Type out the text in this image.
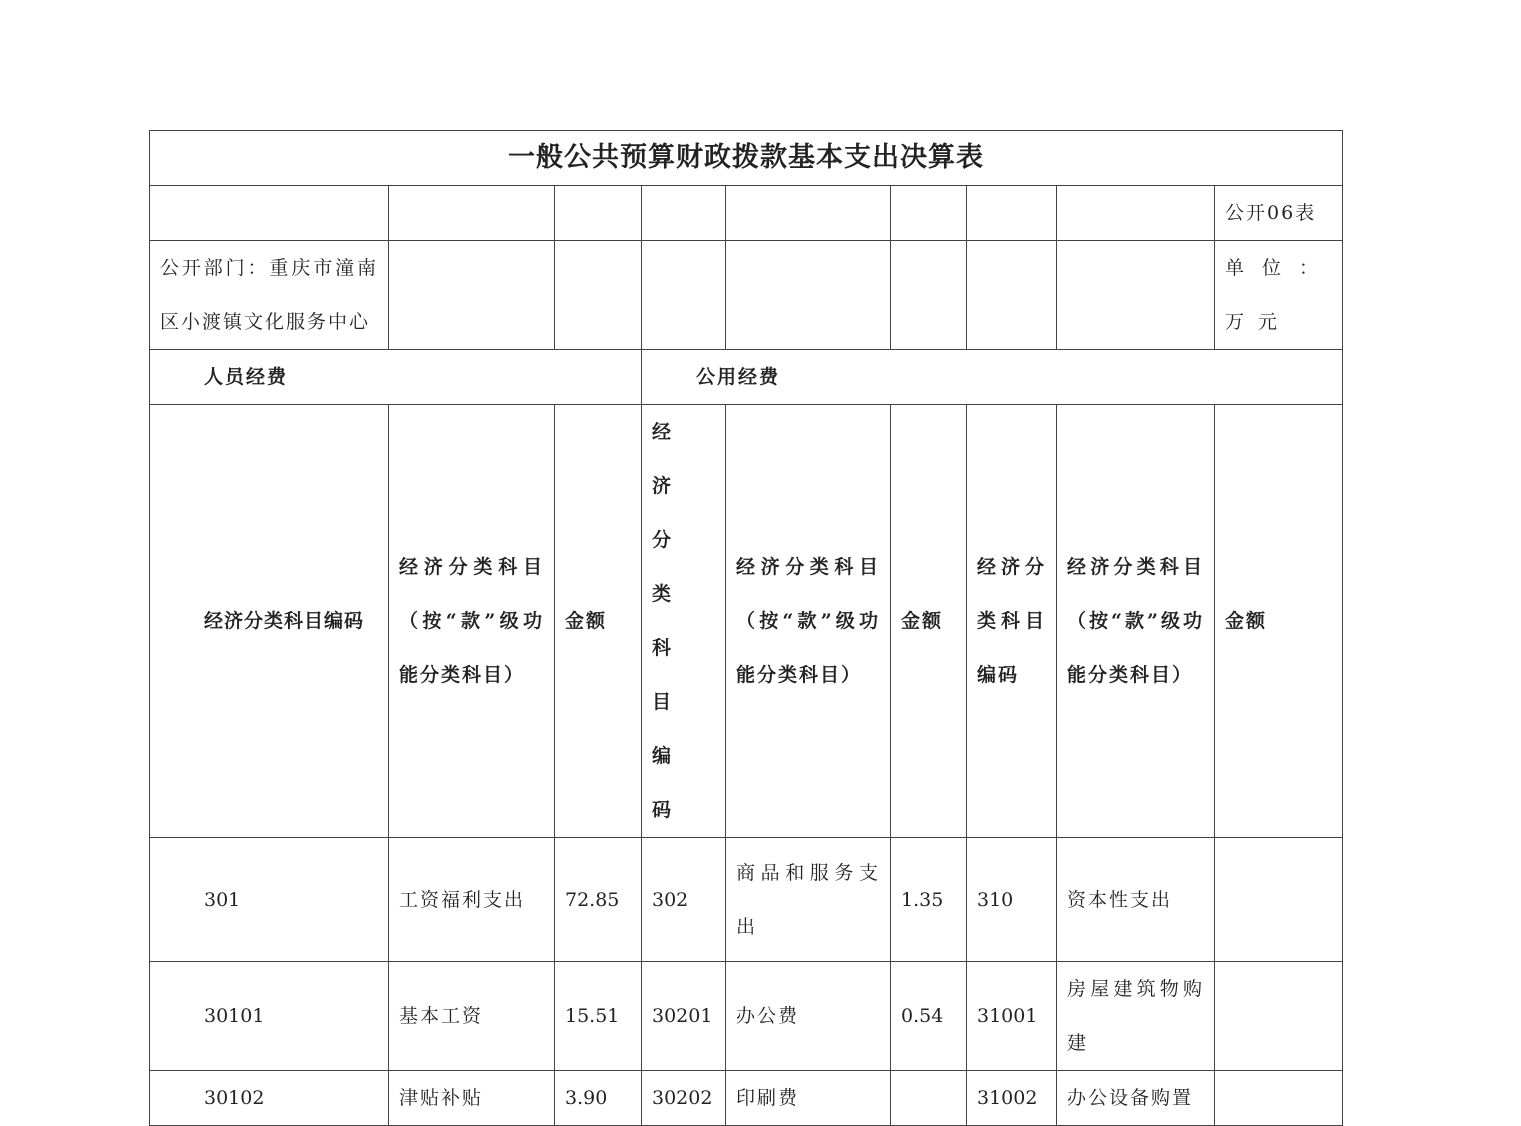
一般公共预算财政拨款基本支出决算表								
								公开06表
公开部门：重庆市潼南区小渡镇文化服务中心								单位：万元
人员经费			公用经费					
经济分类科目编码	经济分类科目（按“款”级功能分类科目）	金额	经济分类科目编码	经济分类科目（按“款”级功能分类科目）	金额	经济分类科目编码	经济分类科目（按“款”级功能分类科目）	金额
301	工资福利支出	72.85	302	商品和服务支出	1.35	310	资本性支出	
30101	基本工资	15.51	30201	办公费	0.54	31001	房屋建筑物购建	
30102	津贴补贴	3.90	30202	印刷费		31002	办公设备购置	
